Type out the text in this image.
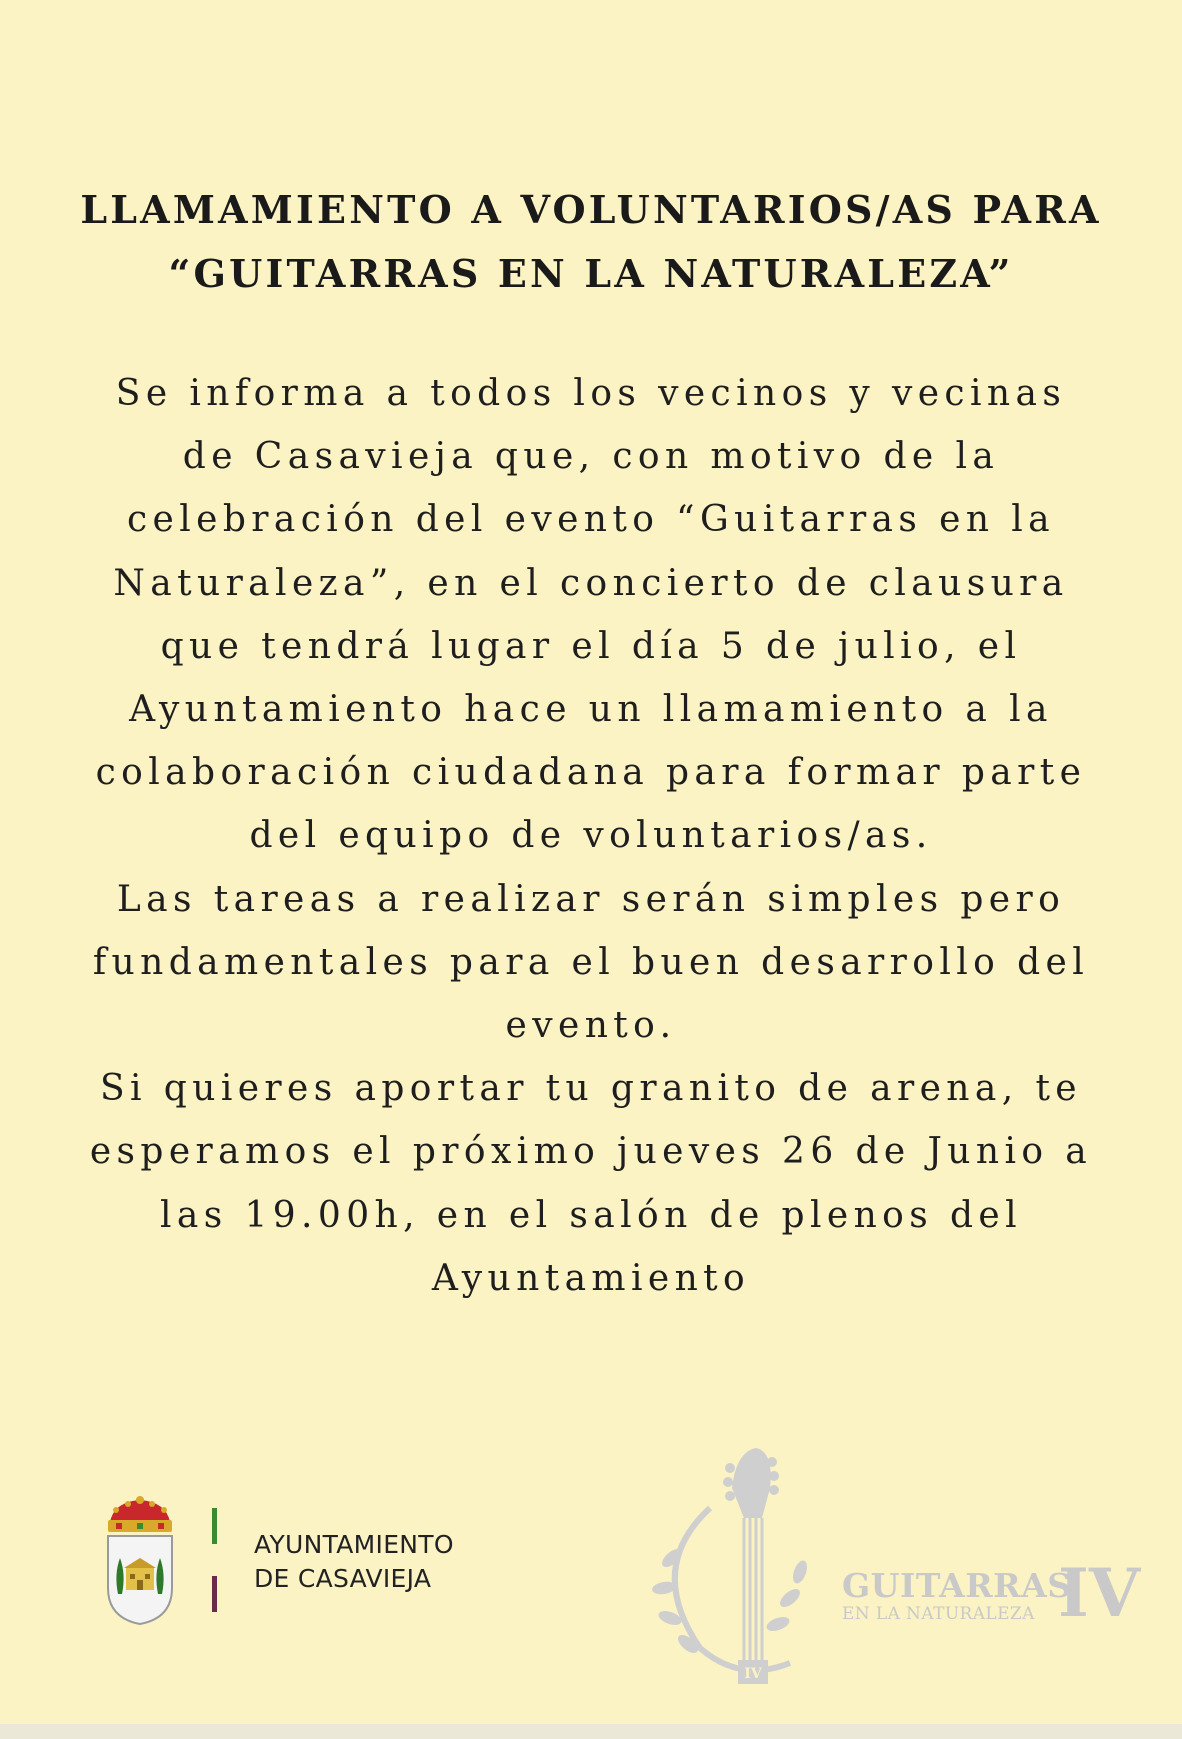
LLAMAMIENTO A VOLUNTARIOS/AS PARA
“GUITARRAS EN LA NATURALEZA”
Se informa a todos los vecinos y vecinas
de Casavieja que, con motivo de la
celebración del evento “Guitarras en la
Naturaleza”, en el concierto de clausura
que tendrá lugar el día 5 de julio, el
Ayuntamiento hace un llamamiento a la
colaboración ciudadana para formar parte
del equipo de voluntarios/as.
Las tareas a realizar serán simples pero
fundamentales para el buen desarrollo del
evento.
Si quieres aportar tu granito de arena, te
esperamos el próximo jueves 26 de Junio a
las 19.00h, en el salón de plenos del
Ayuntamiento
AYUNTAMIENTO
DE CASAVIEJA
IV
GUITARRAS
EN LA NATURALEZA IV
